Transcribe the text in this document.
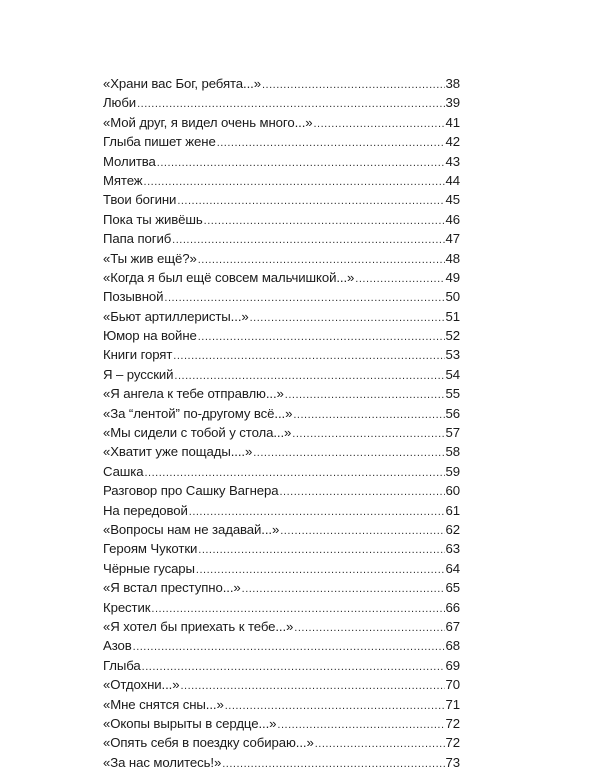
«Храни вас Бог, ребята...» .....	38
Люби .....	39
«Мой друг, я видел очень много...» .....	41
Глыба пишет жене .....	42
Молитва .....	43
Мятеж .....	44
Твои богини .....	45
Пока ты живёшь .....	46
Папа погиб .....	47
«Ты жив ещё?» .....	48
«Когда я был ещё совсем мальчишкой...» .....	49
Позывной .....	50
«Бьют артиллеристы...» .....	51
Юмор на войне .....	52
Книги горят .....	53
Я – русский .....	54
«Я ангела к тебе отправлю...» .....	55
«За “лентой” по-другому всё...» .....	56
«Мы сидели с тобой у стола...» .....	57
«Хватит уже пощады....» .....	58
Сашка .....	59
Разговор про Сашку Вагнера .....	60
На передовой .....	61
«Вопросы нам не задавай...» .....	62
Героям Чукотки .....	63
Чёрные гусары .....	64
«Я встал преступно...» .....	65
Крестик .....	66
«Я хотел бы приехать к тебе...» .....	67
Азов .....	68
Глыба .....	69
«Отдохни...» .....	70
«Мне снятся сны...» .....	71
«Окопы вырыты в сердце...» .....	72
«Опять себя в поездку собираю...» .....	72
«За нас молитесь!» .....	73
